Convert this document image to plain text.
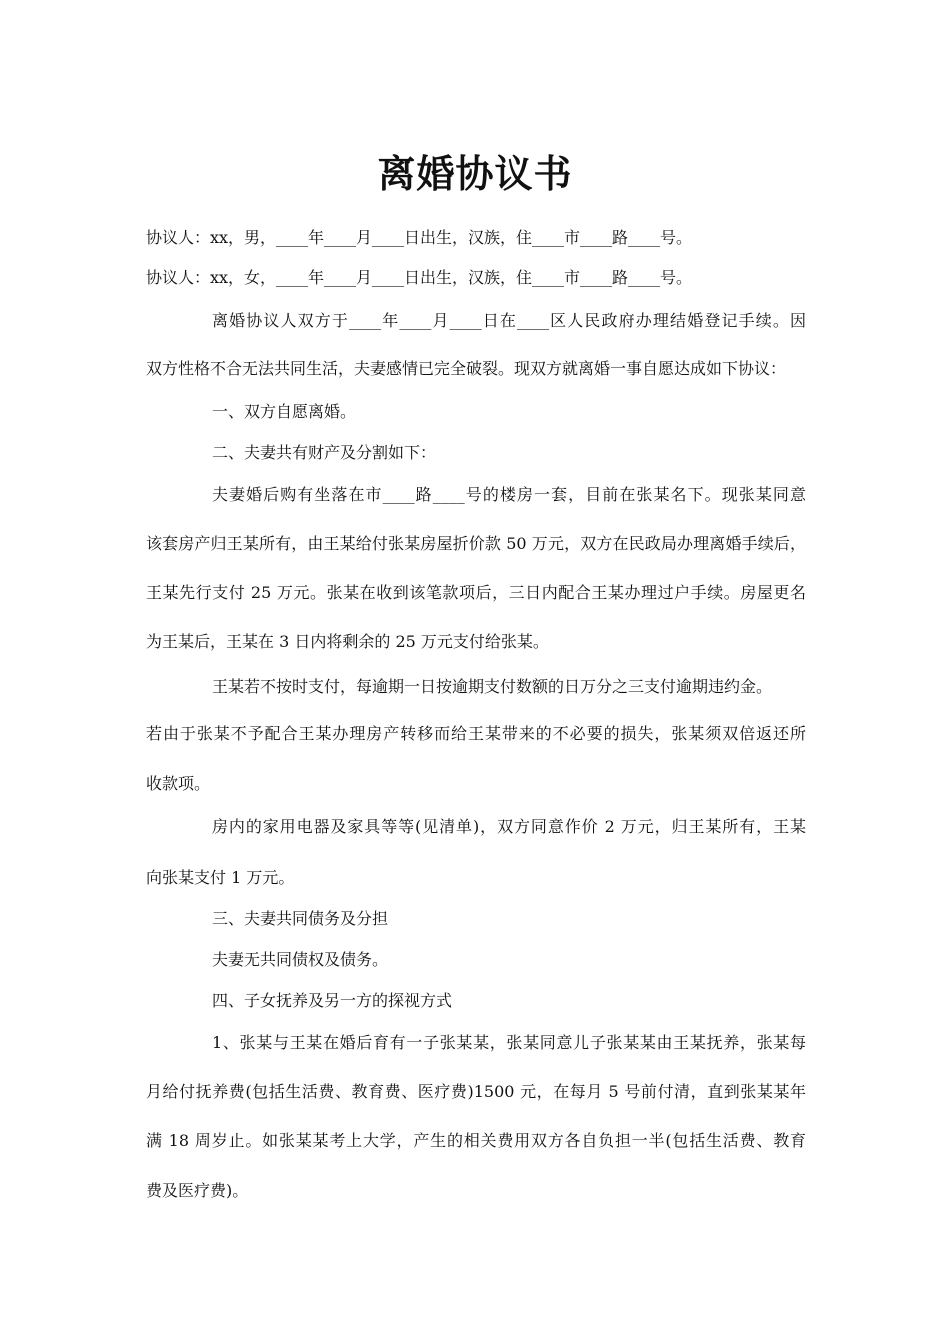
离婚协议书
协议人：xx，男，____年____月____日出生，汉族，住____市____路____号。
协议人：xx，女，____年____月____日出生，汉族，住____市____路____号。
离婚协议人双方于____年____月____日在____区人民政府办理结婚登记手续。因
双方性格不合无法共同生活，夫妻感情已完全破裂。现双方就离婚一事自愿达成如下协议：
一、双方自愿离婚。
二、夫妻共有财产及分割如下：
夫妻婚后购有坐落在市____路____号的楼房一套，目前在张某名下。现张某同意
该套房产归王某所有，由王某给付张某房屋折价款 50 万元，双方在民政局办理离婚手续后，
王某先行支付 25 万元。张某在收到该笔款项后，三日内配合王某办理过户手续。房屋更名
为王某后，王某在 3 日内将剩余的 25 万元支付给张某。
王某若不按时支付，每逾期一日按逾期支付数额的日万分之三支付逾期违约金。
若由于张某不予配合王某办理房产转移而给王某带来的不必要的损失，张某须双倍返还所
收款项。
房内的家用电器及家具等等(见清单)，双方同意作价 2 万元，归王某所有，王某
向张某支付 1 万元。
三、夫妻共同债务及分担
夫妻无共同债权及债务。
四、子女抚养及另一方的探视方式
1、张某与王某在婚后育有一子张某某，张某同意儿子张某某由王某抚养，张某每
月给付抚养费(包括生活费、教育费、医疗费)1500 元，在每月 5 号前付清，直到张某某年
满 18 周岁止。如张某某考上大学，产生的相关费用双方各自负担一半(包括生活费、教育
费及医疗费)。
